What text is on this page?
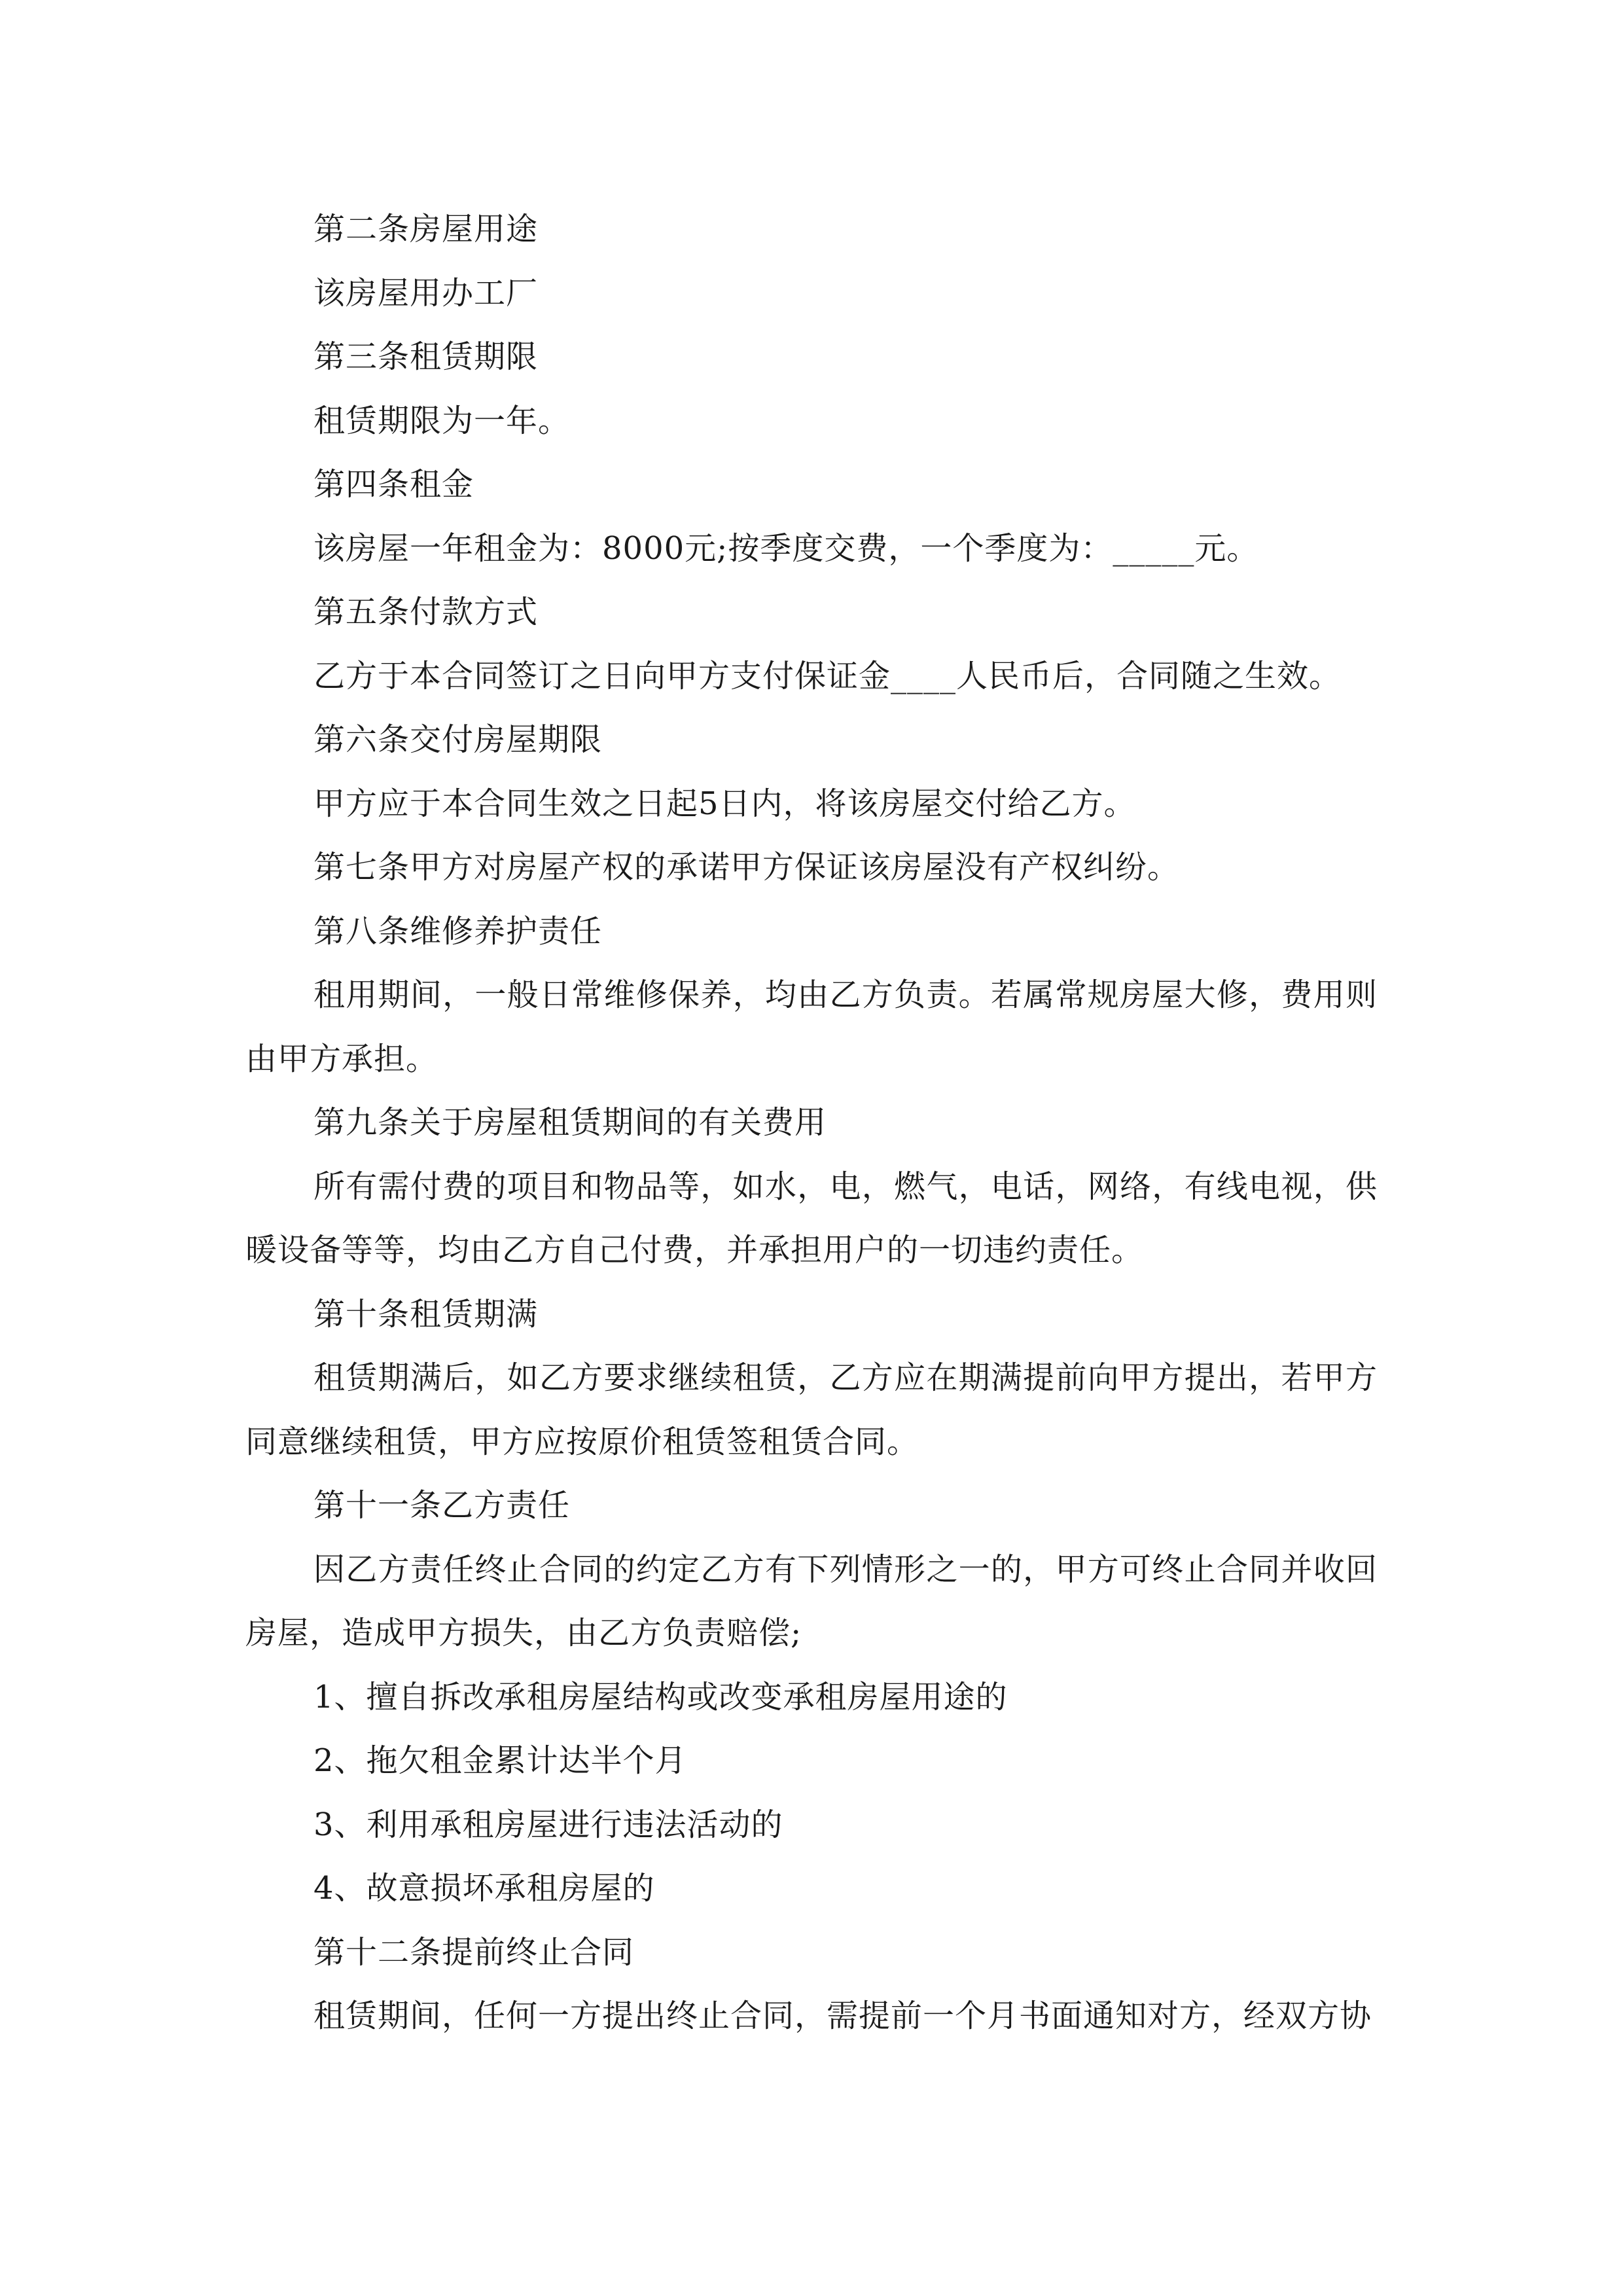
第二条房屋用途

该房屋用办工厂

第三条租赁期限

租赁期限为一年。

第四条租金

该房屋一年租金为：8000元;按季度交费，一个季度为：_____元。

第五条付款方式

乙方于本合同签订之日向甲方支付保证金____人民币后，合同随之生效。

第六条交付房屋期限

甲方应于本合同生效之日起5日内，将该房屋交付给乙方。

第七条甲方对房屋产权的承诺甲方保证该房屋没有产权纠纷。

第八条维修养护责任

租用期间，一般日常维修保养，均由乙方负责。若属常规房屋大修，费用则由甲方承担。

第九条关于房屋租赁期间的有关费用

所有需付费的项目和物品等，如水，电，燃气，电话，网络，有线电视，供暖设备等等，均由乙方自己付费，并承担用户的一切违约责任。

第十条租赁期满

租赁期满后，如乙方要求继续租赁，乙方应在期满提前向甲方提出，若甲方同意继续租赁，甲方应按原价租赁签租赁合同。

第十一条乙方责任

因乙方责任终止合同的约定乙方有下列情形之一的，甲方可终止合同并收回房屋，造成甲方损失，由乙方负责赔偿;

1、擅自拆改承租房屋结构或改变承租房屋用途的

2、拖欠租金累计达半个月

3、利用承租房屋进行违法活动的

4、故意损坏承租房屋的

第十二条提前终止合同

租赁期间，任何一方提出终止合同，需提前一个月书面通知对方，经双方协
